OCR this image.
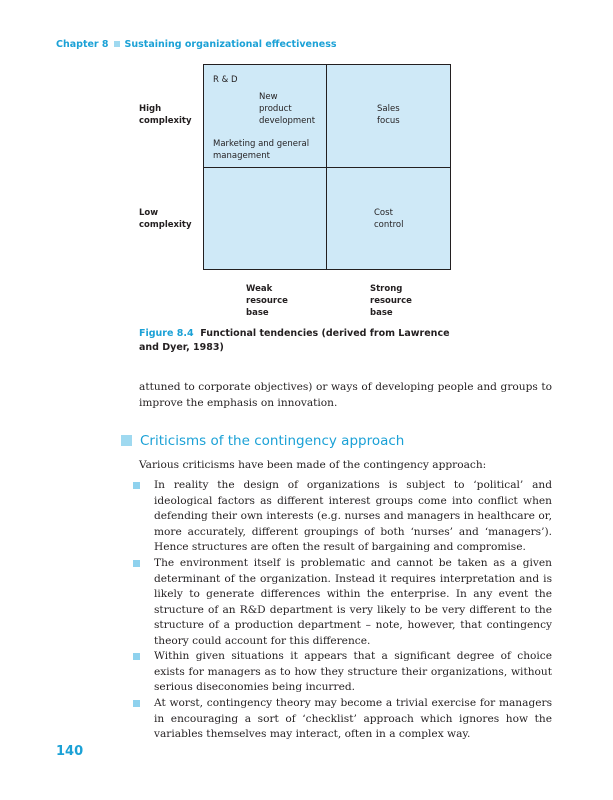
Chapter 8 Sustaining organizational effectiveness
High
complexity
Low
complexity
R & D
New
product
development
Marketing and general
management
Sales
focus
Cost
control
Weak
resource
base
Strong
resource
base
Figure 8.4 Functional tendencies (derived from Lawrence and Dyer, 1983)
attuned to corporate objectives) or ways of developing people and groups to improve the emphasis on innovation.
Criticisms of the contingency approach
Various criticisms have been made of the contingency approach:
In reality the design of organizations is subject to ‘political’ and ideological factors as different interest groups come into conflict when defending their own interests (e.g. nurses and managers in healthcare or, more accurately, different groupings of both ‘nurses’ and ‘managers’). Hence structures are often the result of bargaining and compromise.
The environment itself is problematic and cannot be taken as a given determinant of the organization. Instead it requires interpretation and is likely to generate differences within the enterprise. In any event the structure of an R&D department is very likely to be very different to the structure of a production department – note, however, that contingency theory could account for this difference.
Within given situations it appears that a significant degree of choice exists for managers as to how they structure their organizations, without serious diseconomies being incurred.
At worst, contingency theory may become a trivial exercise for managers in encouraging a sort of ‘checklist’ approach which ignores how the variables themselves may interact, often in a complex way.
140
